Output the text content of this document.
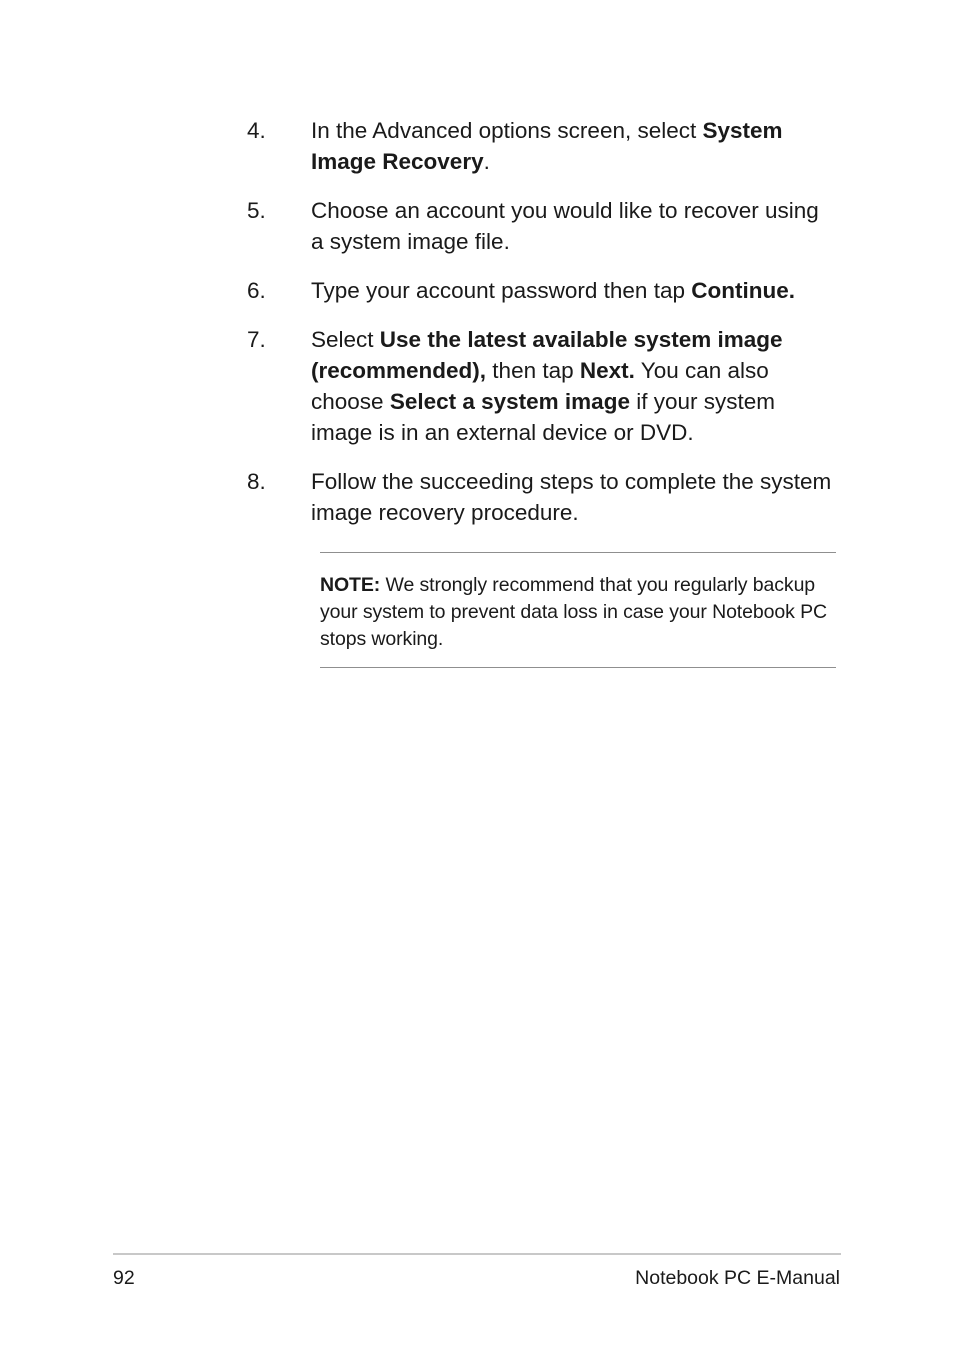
4.	In the Advanced options screen, select System Image Recovery.
5.	Choose an account you would like to recover using a system image file.
6.	Type your account password then tap Continue.
7.	Select Use the latest available system image (recommended), then tap Next. You can also choose Select a system image if your system image is in an external device or DVD.
8.	Follow the succeeding steps to complete the system image recovery procedure.

NOTE: We strongly recommend that you regularly backup your system to prevent data loss in case your Notebook PC stops working.

92	Notebook PC E-Manual
